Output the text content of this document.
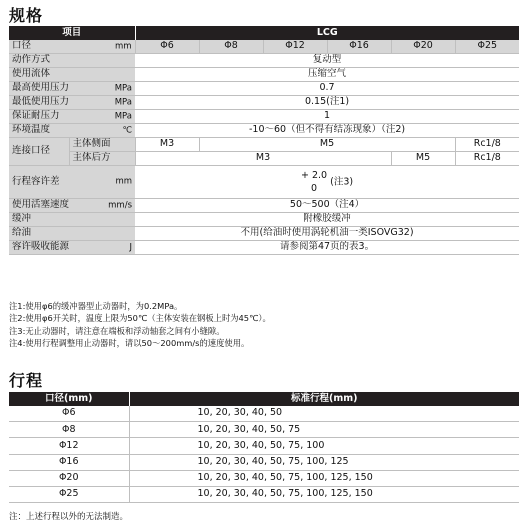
规格
项目		LCG					
口径 mm		Φ6	Φ8	Φ12	Φ16	Φ20	Φ25
动作方式		复动型					
使用流体		压缩空气					
最高使用压力 MPa		0.7					
最低使用压力 MPa		0.15(注1)					
保证耐压力 MPa		1					
环境温度 ℃		-10～60（但不得有结冻现象）（注2)					
连接口径	主体侧面	M3	M5				Rc1/8
	主体后方	M3				M5	Rc1/8
行程容许差 mm		+ 2.0
0 (注3)					
使用活塞速度 mm/s		50～500（注4）					
缓冲		附橡胶缓冲					
给油		不用(给油时使用涡轮机油一类ISOVG32)					
容许吸收能源 J		请参阅第47页的表3。					
注1:使用φ6的缓冲器型止动器时，为0.2MPa。
注2:使用φ6开关时，温度上限为50℃（主体安装在钢板上时为45℃）。
注3:无止动器时，请注意在端板和浮动轴套之间有小缝隙。
注4:使用行程调整用止动器时，请以50～200mm/s的速度使用。
行程
口径(mm)	标准行程(mm)
Φ6	10, 20, 30, 40, 50
Φ8	10, 20, 30, 40, 50, 75
Φ12	10, 20, 30, 40, 50, 75, 100
Φ16	10, 20, 30, 40, 50, 75, 100, 125
Φ20	10, 20, 30, 40, 50, 75, 100, 125, 150
Φ25	10, 20, 30, 40, 50, 75, 100, 125, 150
注：上述行程以外的无法制造。
